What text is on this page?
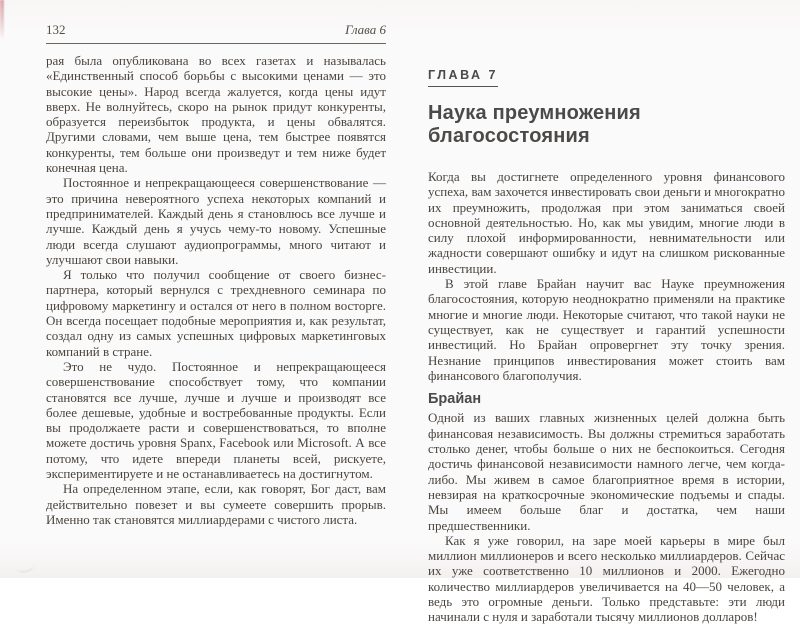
132	Глава 6

рая была опубликована во всех газетах и называлась «Единственный способ борьбы с высокими ценами — это высокие цены». Народ всегда жалуется, когда цены идут вверх. Не волнуйтесь, скоро на рынок придут конкуренты, образуется переизбыток продукта, и цены обвалятся. Другими словами, чем выше цена, тем быстрее появятся конкуренты, тем больше они произведут и тем ниже будет конечная цена.

Постоянное и непрекращающееся совершенствование — это причина невероятного успеха некоторых компаний и предпринимателей. Каждый день я становлюсь все лучше и лучше. Каждый день я учусь чему-то новому. Успешные люди всегда слушают аудиопрограммы, много читают и улучшают свои навыки.

Я только что получил сообщение от своего бизнес-партнера, который вернулся с трехдневного семинара по цифровому маркетингу и остался от него в полном восторге. Он всегда посещает подобные мероприятия и, как результат, создал одну из самых успешных цифровых маркетинговых компаний в стране.

Это не чудо. Постоянное и непрекращающееся совершенствование способствует тому, что компании становятся все лучше, лучше и лучше и производят все более дешевые, удобные и востребованные продукты. Если вы продолжаете расти и совершенствоваться, то вполне можете достичь уровня Spanx, Facebook или Microsoft. А все потому, что идете впереди планеты всей, рискуете, экспериментируете и не останавливаетесь на достигнутом.

На определенном этапе, если, как говорят, Бог даст, вам действительно повезет и вы сумеете совершить прорыв. Именно так становятся миллиардерами с чистого листа.

ГЛАВА 7
Наука преумножения благосостояния

Когда вы достигнете определенного уровня финансового успеха, вам захочется инвестировать свои деньги и многократно их преумножить, продолжая при этом заниматься своей основной деятельностью. Но, как мы увидим, многие люди в силу плохой информированности, невнимательности или жадности совершают ошибку и идут на слишком рискованные инвестиции.

В этой главе Брайан научит вас Науке преумножения благосостояния, которую неоднократно применяли на практике многие и многие люди. Некоторые считают, что такой науки не существует, как не существует и гарантий успешности инвестиций. Но Брайан опровергнет эту точку зрения. Незнание принципов инвестирования может стоить вам финансового благополучия.

Брайан

Одной из ваших главных жизненных целей должна быть финансовая независимость. Вы должны стремиться заработать столько денег, чтобы больше о них не беспокоиться. Сегодня достичь финансовой независимости намного легче, чем когда-либо. Мы живем в самое благоприятное время в истории, невзирая на краткосрочные экономические подъемы и спады. Мы имеем больше благ и достатка, чем наши предшественники.

Как я уже говорил, на заре моей карьеры в мире был миллион миллионеров и всего несколько миллиардеров. Сейчас их уже соответственно 10 миллионов и 2000. Ежегодно количество миллиардеров увеличивается на 40—50 человек, а ведь это огромные деньги. Только представьте: эти люди начинали с нуля и заработали тысячу миллионов долларов!
